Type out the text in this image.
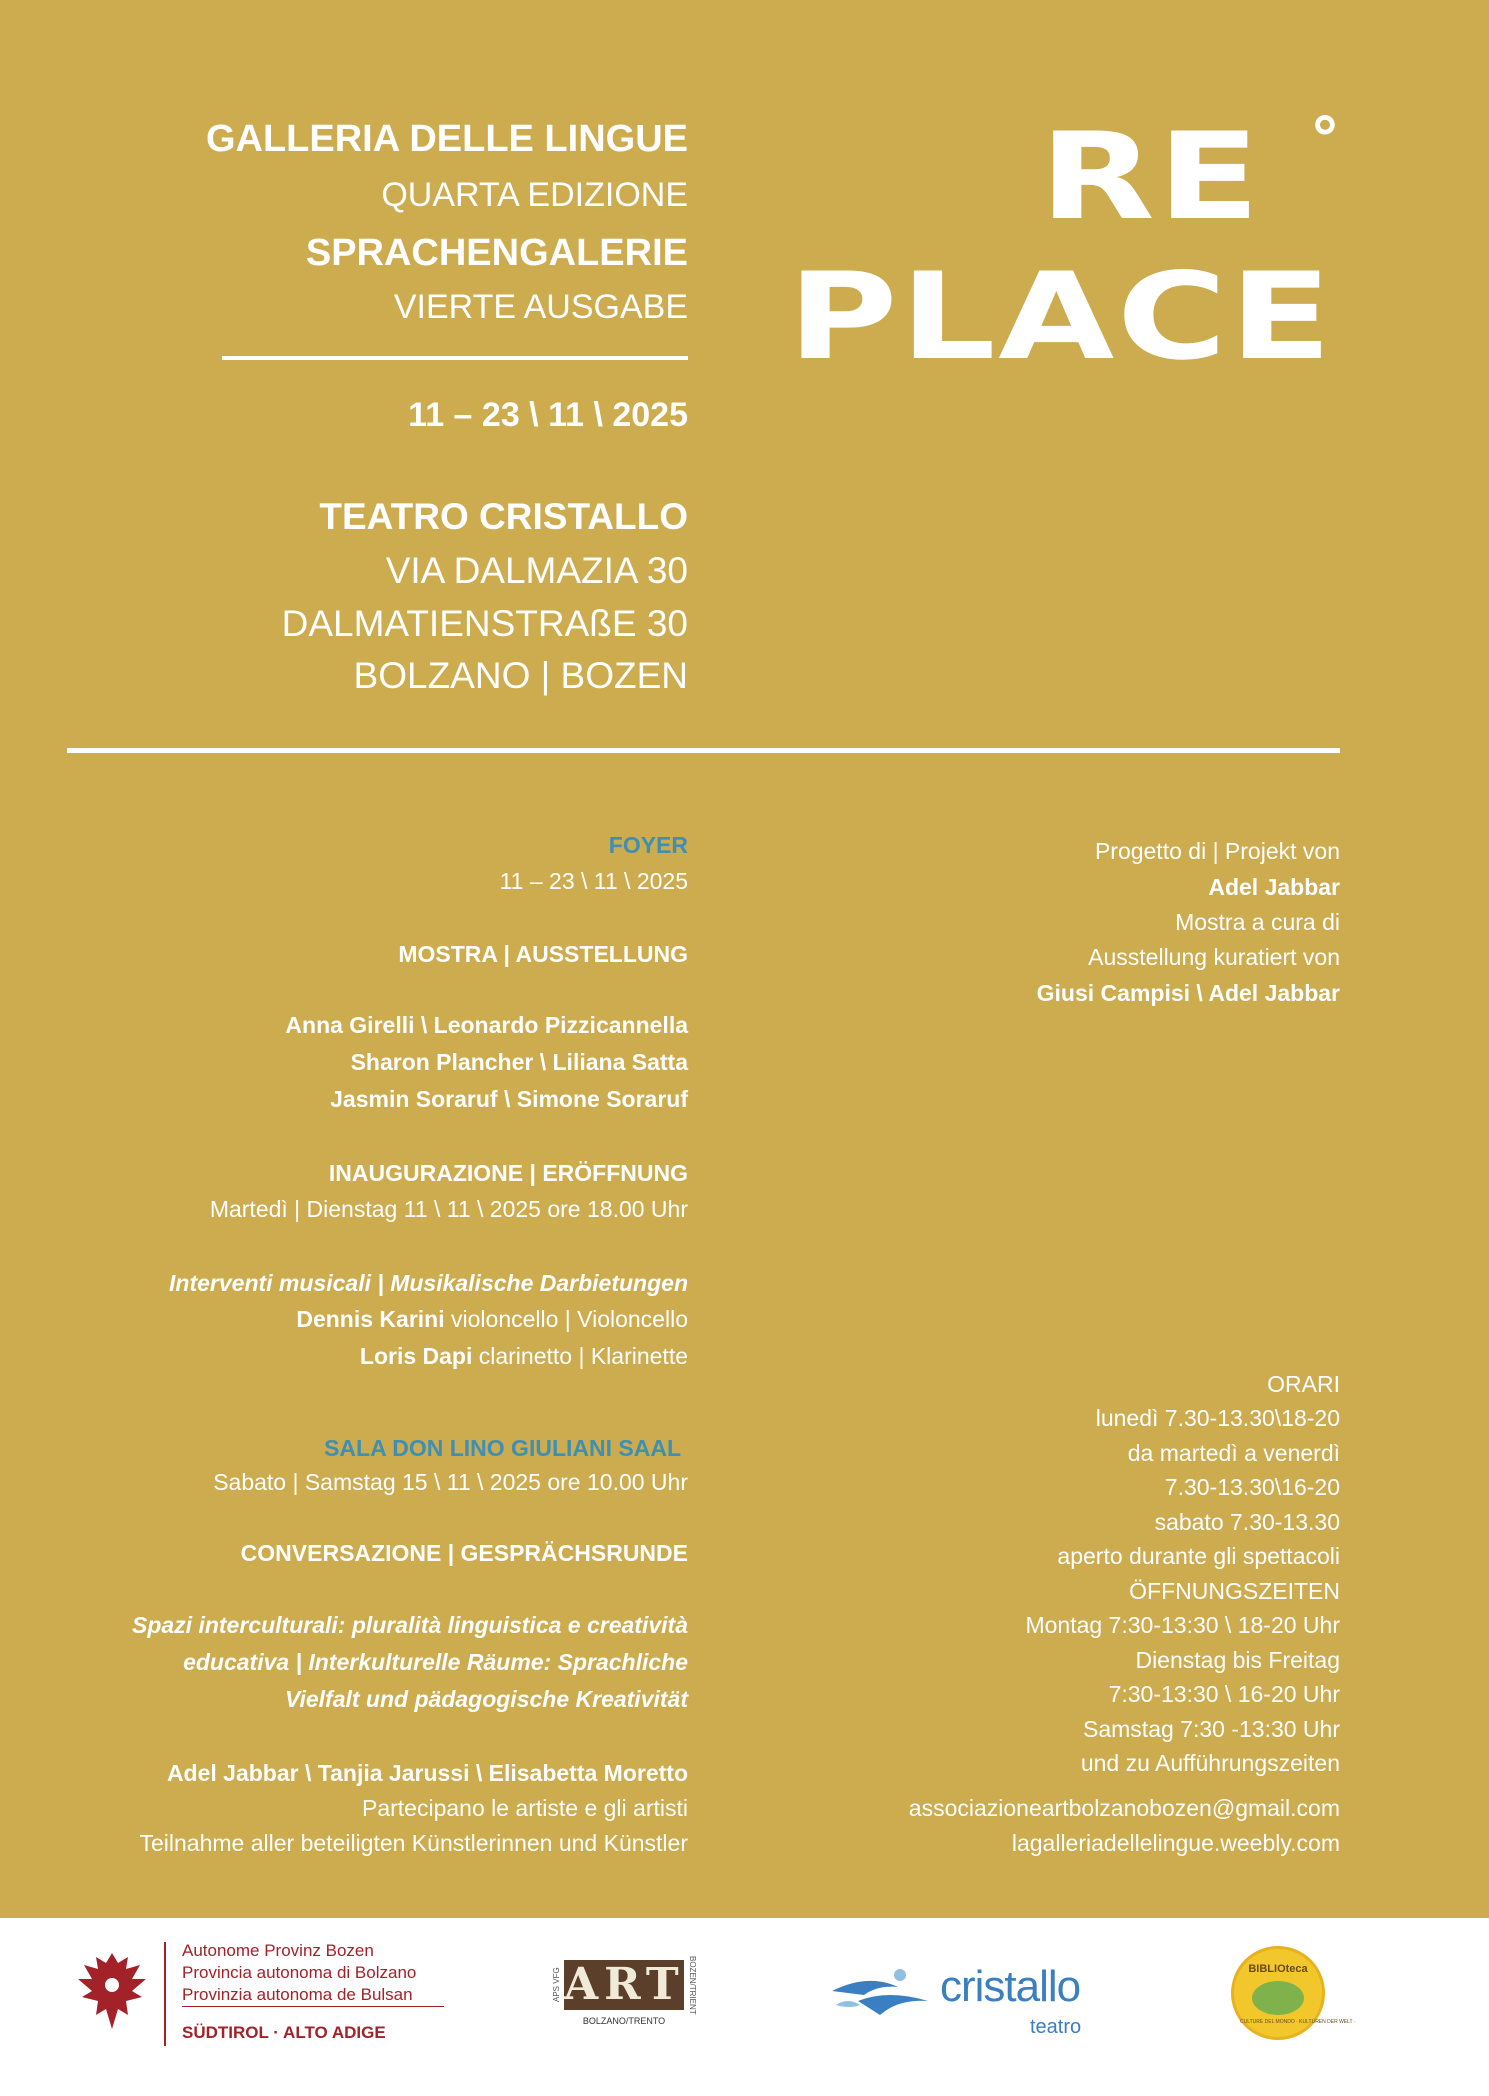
GALLERIA DELLE LINGUE
QUARTA EDIZIONE
SPRACHENGALERIE
VIERTE AUSGABE
11 – 23 \ 11 \ 2025
TEATRO CRISTALLO
VIA DALMAZIA 30
DALMATIENSTRAßE 30
BOLZANO | BOZEN
RE °
PLACE
FOYER
11 – 23 \ 11 \ 2025
MOSTRA | AUSSTELLUNG
Anna Girelli \ Leonardo Pizzicannella
Sharon Plancher \ Liliana Satta
Jasmin Soraruf \ Simone Soraruf
INAUGURAZIONE | ERÖFFNUNG
Martedì | Dienstag 11 \ 11 \ 2025 ore 18.00 Uhr
Interventi musicali | Musikalische Darbietungen
Dennis Karini violoncello | Violoncello
Loris Dapi clarinetto | Klarinette
SALA DON LINO GIULIANI SAAL
Sabato | Samstag 15 \ 11 \ 2025 ore 10.00 Uhr
CONVERSAZIONE | GESPRÄCHSRUNDE
Spazi interculturali: pluralità linguistica e creatività
educativa | Interkulturelle Räume: Sprachliche
Vielfalt und pädagogische Kreativität
Adel Jabbar \ Tanjia Jarussi \ Elisabetta Moretto
Partecipano le artiste e gli artisti
Teilnahme aller beteiligten Künstlerinnen und Künstler
Progetto di | Projekt von
Adel Jabbar
Mostra a cura di
Ausstellung kuratiert von
Giusi Campisi \ Adel Jabbar
ORARI
lunedì 7.30-13.30\18-20
da martedì a venerdì
7.30-13.30\16-20
sabato 7.30-13.30
aperto durante gli spettacoli
ÖFFNUNGSZEITEN
Montag 7:30-13:30 \ 18-20 Uhr
Dienstag bis Freitag
7:30-13:30 \ 16-20 Uhr
Samstag 7:30 -13:30 Uhr
und zu Aufführungszeiten
associazioneartbolzanobozen@gmail.com
lagalleriadellelingue.weebly.com
Autonome Provinz Bozen
Provincia autonoma di Bolzano
Provinzia autonoma de Bulsan
SÜDTIROL · ALTO ADIGE
APS VFG ART BOZEN/TRIENT
BOLZANO/TRENTO
cristallo
teatro
BIBLIOteca
CULTURE DEL MONDO · KULTUREN DER WELT ·
